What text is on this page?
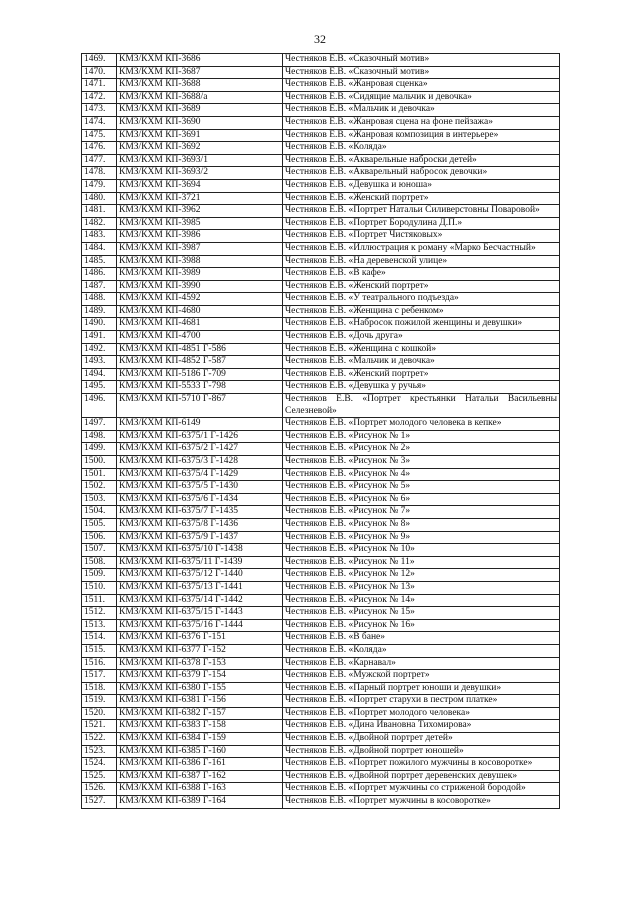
32
1469.	КМЗ/КХМ КП-3686	Честняков Е.В. «Сказочный мотив»
1470.	КМЗ/КХМ КП-3687	Честняков Е.В. «Сказочный мотив»
1471.	КМЗ/КХМ КП-3688	Честняков Е.В. «Жанровая сценка»
1472.	КМЗ/КХМ КП-3688/а	Честняков Е.В. «Сидящие мальчик и девочка»
1473.	КМЗ/КХМ КП-3689	Честняков Е.В. «Мальчик и девочка»
1474.	КМЗ/КХМ КП-3690	Честняков Е.В. «Жанровая сцена на фоне пейзажа»
1475.	КМЗ/КХМ КП-3691	Честняков Е.В. «Жанровая композиция в интерьере»
1476.	КМЗ/КХМ КП-3692	Честняков Е.В. «Коляда»
1477.	КМЗ/КХМ КП-3693/1	Честняков Е.В. «Акварельные наброски детей»
1478.	КМЗ/КХМ КП-3693/2	Честняков Е.В. «Акварельный набросок девочки»
1479.	КМЗ/КХМ КП-3694	Честняков Е.В. «Девушка и юноша»
1480.	КМЗ/КХМ КП-3721	Честняков Е.В. «Женский портрет»
1481.	КМЗ/КХМ КП-3962	Честняков Е.В. «Портрет Натальи Силиверстовны Поваровой»
1482.	КМЗ/КХМ КП-3985	Честняков Е.В. «Портрет Бородулина Д.П.»
1483.	КМЗ/КХМ КП-3986	Честняков Е.В. «Портрет Чистяковых»
1484.	КМЗ/КХМ КП-3987	Честняков Е.В. «Иллюстрация к роману «Марко Бесчастный»
1485.	КМЗ/КХМ КП-3988	Честняков Е.В. «На деревенской улице»
1486.	КМЗ/КХМ КП-3989	Честняков Е.В. «В кафе»
1487.	КМЗ/КХМ КП-3990	Честняков Е.В. «Женский портрет»
1488.	КМЗ/КХМ КП-4592	Честняков Е.В. «У театрального подъезда»
1489.	КМЗ/КХМ КП-4680	Честняков Е.В. «Женщина с ребенком»
1490.	КМЗ/КХМ КП-4681	Честняков Е.В. «Набросок пожилой женщины и девушки»
1491.	КМЗ/КХМ КП-4700	Честняков Е.В. «Дочь друга»
1492.	КМЗ/КХМ КП-4851 Г-586	Честняков Е.В. «Женщина с кошкой»
1493.	КМЗ/КХМ КП-4852 Г-587	Честняков Е.В. «Мальчик и девочка»
1494.	КМЗ/КХМ КП-5186 Г-709	Честняков Е.В. «Женский портрет»
1495.	КМЗ/КХМ КП-5533 Г-798	Честняков Е.В. «Девушка у ручья»
1496.	КМЗ/КХМ КП-5710 Г-867	Честняков Е.В. «Портрет крестьянки Натальи Васильевны Селезневой»
1497.	КМЗ/КХМ КП-6149	Честняков Е.В. «Портрет молодого человека в кепке»
1498.	КМЗ/КХМ КП-6375/1 Г-1426	Честняков Е.В. «Рисунок № 1»
1499.	КМЗ/КХМ КП-6375/2 Г-1427	Честняков Е.В. «Рисунок № 2»
1500.	КМЗ/КХМ КП-6375/3 Г-1428	Честняков Е.В. «Рисунок № 3»
1501.	КМЗ/КХМ КП-6375/4 Г-1429	Честняков Е.В. «Рисунок № 4»
1502.	КМЗ/КХМ КП-6375/5 Г-1430	Честняков Е.В. «Рисунок № 5»
1503.	КМЗ/КХМ КП-6375/6 Г-1434	Честняков Е.В. «Рисунок № 6»
1504.	КМЗ/КХМ КП-6375/7 Г-1435	Честняков Е.В. «Рисунок № 7»
1505.	КМЗ/КХМ КП-6375/8 Г-1436	Честняков Е.В. «Рисунок № 8»
1506.	КМЗ/КХМ КП-6375/9 Г-1437	Честняков Е.В. «Рисунок № 9»
1507.	КМЗ/КХМ КП-6375/10 Г-1438	Честняков Е.В. «Рисунок № 10»
1508.	КМЗ/КХМ КП-6375/11 Г-1439	Честняков Е.В. «Рисунок № 11»
1509.	КМЗ/КХМ КП-6375/12 Г-1440	Честняков Е.В. «Рисунок № 12»
1510.	КМЗ/КХМ КП-6375/13 Г-1441	Честняков Е.В. «Рисунок № 13»
1511.	КМЗ/КХМ КП-6375/14 Г-1442	Честняков Е.В. «Рисунок № 14»
1512.	КМЗ/КХМ КП-6375/15 Г-1443	Честняков Е.В. «Рисунок № 15»
1513.	КМЗ/КХМ КП-6375/16 Г-1444	Честняков Е.В. «Рисунок № 16»
1514.	КМЗ/КХМ КП-6376 Г-151	Честняков Е.В. «В бане»
1515.	КМЗ/КХМ КП-6377 Г-152	Честняков Е.В. «Коляда»
1516.	КМЗ/КХМ КП-6378 Г-153	Честняков Е.В. «Карнавал»
1517.	КМЗ/КХМ КП-6379 Г-154	Честняков Е.В. «Мужской портрет»
1518.	КМЗ/КХМ КП-6380 Г-155	Честняков Е.В. «Парный портрет юноши и девушки»
1519.	КМЗ/КХМ КП-6381 Г-156	Честняков Е.В. «Портрет старухи в пестром платке»
1520.	КМЗ/КХМ КП-6382 Г-157	Честняков Е.В. «Портрет молодого человека»
1521.	КМЗ/КХМ КП-6383 Г-158	Честняков Е.В. «Дина Ивановна Тихомирова»
1522.	КМЗ/КХМ КП-6384 Г-159	Честняков Е.В. «Двойной портрет детей»
1523.	КМЗ/КХМ КП-6385 Г-160	Честняков Е.В. «Двойной портрет юношей»
1524.	КМЗ/КХМ КП-6386 Г-161	Честняков Е.В. «Портрет пожилого мужчины в косоворотке»
1525.	КМЗ/КХМ КП-6387 Г-162	Честняков Е.В. «Двойной портрет деревенских девушек»
1526.	КМЗ/КХМ КП-6388 Г-163	Честняков Е.В. «Портрет мужчины со стриженой бородой»
1527.	КМЗ/КХМ КП-6389 Г-164	Честняков Е.В. «Портрет мужчины в косоворотке»
